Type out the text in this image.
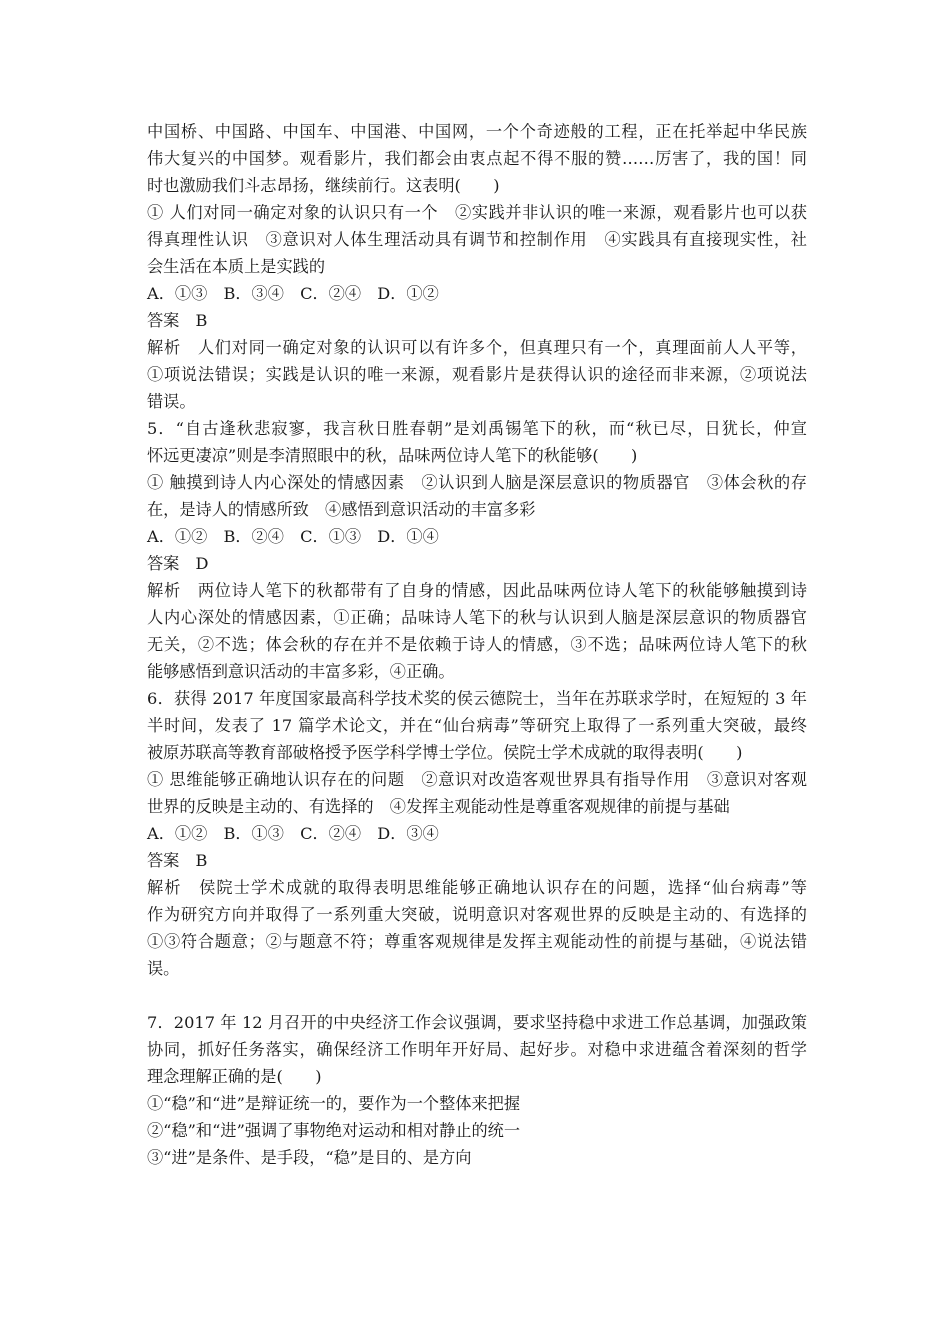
中国桥、中国路、中国车、中国港、中国网，一个个奇迹般的工程，正在托举起中华民族
伟大复兴的中国梦。观看影片，我们都会由衷点起不得不服的赞……厉害了，我的国！同
时也激励我们斗志昂扬，继续前行。这表明(　　)
① 人们对同一确定对象的认识只有一个　②实践并非认识的唯一来源，观看影片也可以获
得真理性认识　③意识对人体生理活动具有调节和控制作用　④实践具有直接现实性，社
会生活在本质上是实践的
A．①③　B．③④　C．②④　D．①②
答案　B
解析　人们对同一确定对象的认识可以有许多个，但真理只有一个，真理面前人人平等，
①项说法错误；实践是认识的唯一来源，观看影片是获得认识的途径而非来源，②项说法
错误。
5．“自古逢秋悲寂寥，我言秋日胜春朝”是刘禹锡笔下的秋，而“秋已尽，日犹长，仲宣
怀远更凄凉”则是李清照眼中的秋，品味两位诗人笔下的秋能够(　　)
① 触摸到诗人内心深处的情感因素　②认识到人脑是深层意识的物质器官　③体会秋的存
在，是诗人的情感所致　④感悟到意识活动的丰富多彩
A．①②　B．②④　C．①③　D．①④
答案　D
解析　两位诗人笔下的秋都带有了自身的情感，因此品味两位诗人笔下的秋能够触摸到诗
人内心深处的情感因素，①正确；品味诗人笔下的秋与认识到人脑是深层意识的物质器官
无关，②不选；体会秋的存在并不是依赖于诗人的情感，③不选；品味两位诗人笔下的秋
能够感悟到意识活动的丰富多彩，④正确。
6．获得 2017 年度国家最高科学技术奖的侯云德院士，当年在苏联求学时，在短短的 3 年
半时间，发表了 17 篇学术论文，并在“仙台病毒”等研究上取得了一系列重大突破，最终
被原苏联高等教育部破格授予医学科学博士学位。侯院士学术成就的取得表明(　　)
① 思维能够正确地认识存在的问题　②意识对改造客观世界具有指导作用　③意识对客观
世界的反映是主动的、有选择的　④发挥主观能动性是尊重客观规律的前提与基础
A．①②　B．①③　C．②④　D．③④
答案　B
解析　侯院士学术成就的取得表明思维能够正确地认识存在的问题，选择“仙台病毒”等
作为研究方向并取得了一系列重大突破，说明意识对客观世界的反映是主动的、有选择的
①③符合题意；②与题意不符；尊重客观规律是发挥主观能动性的前提与基础，④说法错
误。
7．2017 年 12 月召开的中央经济工作会议强调，要求坚持稳中求进工作总基调，加强政策
协同，抓好任务落实，确保经济工作明年开好局、起好步。对稳中求进蕴含着深刻的哲学
理念理解正确的是(　　)
①“稳”和“进”是辩证统一的，要作为一个整体来把握
②“稳”和“进”强调了事物绝对运动和相对静止的统一
③“进”是条件、是手段，“稳”是目的、是方向
